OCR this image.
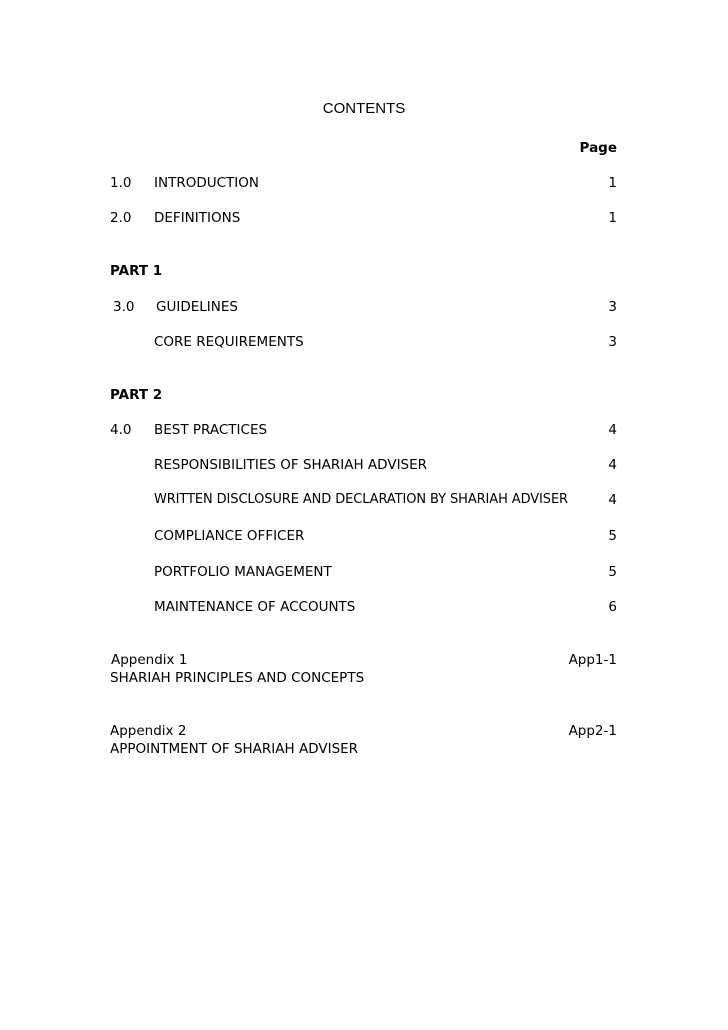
CONTENTS
Page
1.0 INTRODUCTION	1
2.0 DEFINITIONS	1
PART 1
3.0 GUIDELINES	3
CORE REQUIREMENTS	3
PART 2
4.0 BEST PRACTICES	4
RESPONSIBILITIES OF SHARIAH ADVISER	4
WRITTEN DISCLOSURE AND DECLARATION BY SHARIAH ADVISER	4
COMPLIANCE OFFICER	5
PORTFOLIO MANAGEMENT	5
MAINTENANCE OF ACCOUNTS	6
Appendix 1	App1-1
SHARIAH PRINCIPLES AND CONCEPTS
Appendix 2	App2-1
APPOINTMENT OF SHARIAH ADVISER
